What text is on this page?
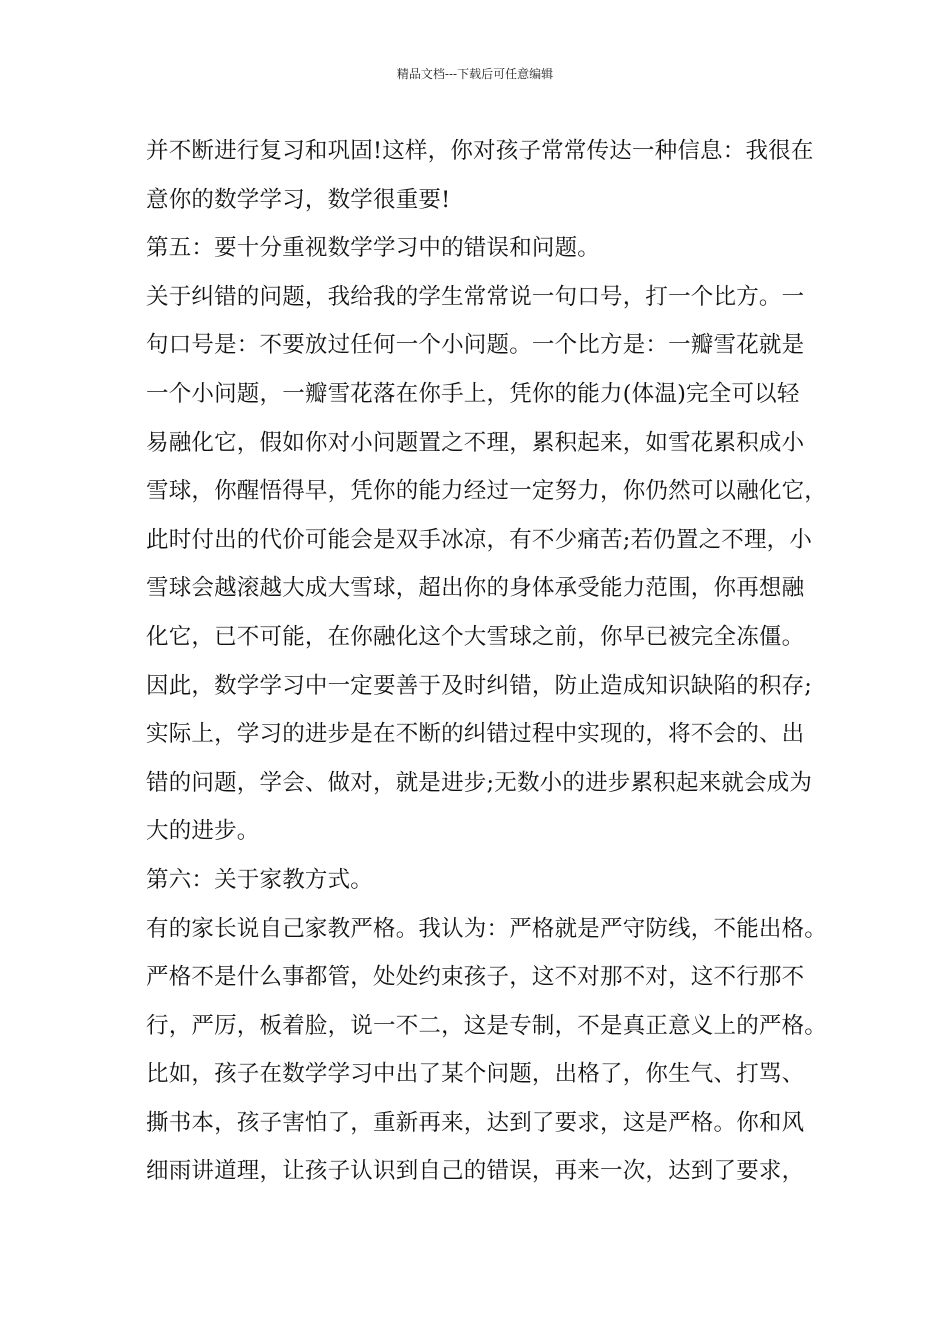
精品文档---下载后可任意编辑
并不断进行复习和巩固!这样，你对孩子常常传达一种信息：我很在
意你的数学学习，数学很重要!
第五：要十分重视数学学习中的错误和问题。
关于纠错的问题，我给我的学生常常说一句口号，打一个比方。一
句口号是：不要放过任何一个小问题。一个比方是：一瓣雪花就是
一个小问题，一瓣雪花落在你手上，凭你的能力(体温)完全可以轻
易融化它，假如你对小问题置之不理，累积起来，如雪花累积成小
雪球，你醒悟得早，凭你的能力经过一定努力，你仍然可以融化它，
此时付出的代价可能会是双手冰凉，有不少痛苦;若仍置之不理，小
雪球会越滚越大成大雪球，超出你的身体承受能力范围，你再想融
化它，已不可能，在你融化这个大雪球之前，你早已被完全冻僵。
因此，数学学习中一定要善于及时纠错，防止造成知识缺陷的积存;
实际上，学习的进步是在不断的纠错过程中实现的，将不会的、出
错的问题，学会、做对，就是进步;无数小的进步累积起来就会成为
大的进步。
第六：关于家教方式。
有的家长说自己家教严格。我认为：严格就是严守防线，不能出格。
严格不是什么事都管，处处约束孩子，这不对那不对，这不行那不
行，严厉，板着脸，说一不二，这是专制，不是真正意义上的严格。
比如，孩子在数学学习中出了某个问题，出格了，你生气、打骂、
撕书本，孩子害怕了，重新再来，达到了要求，这是严格。你和风
细雨讲道理，让孩子认识到自己的错误，再来一次，达到了要求，
